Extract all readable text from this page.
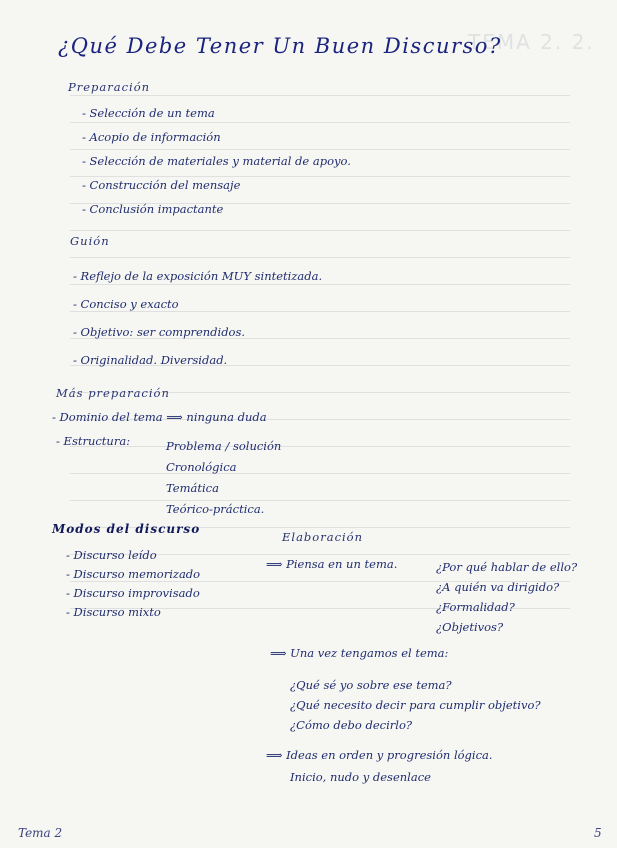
TEMA 2. 2.
¿Qué Debe Tener Un Buen Discurso?
Preparación
- Selección de un tema
- Acopio de información
- Selección de materiales y material de apoyo.
- Construcción del mensaje
- Conclusión impactante
Guión
- Reflejo de la exposición MUY sintetizada.
- Conciso y exacto
- Objetivo: ser comprendidos.
- Originalidad. Diversidad.
Más preparación
- Dominio del tema ⟹ ninguna duda
- Estructura:	Problema / solución
Cronológica
Temática
Teórico-práctica.
Modos del discurso
- Discurso leído
- Discurso memorizado
- Discurso improvisado
- Discurso mixto
Elaboración
⟹ Piensa en un tema.	¿Por qué hablar de ello?
¿A quién va dirigido?
¿Formalidad?
¿Objetivos?
⟹ Una vez tengamos el tema:
¿Qué sé yo sobre ese tema?
¿Qué necesito decir para cumplir objetivo?
¿Cómo debo decirlo?
⟹ Ideas en orden y progresión lógica.
Inicio, nudo y desenlace
Tema 2	5
